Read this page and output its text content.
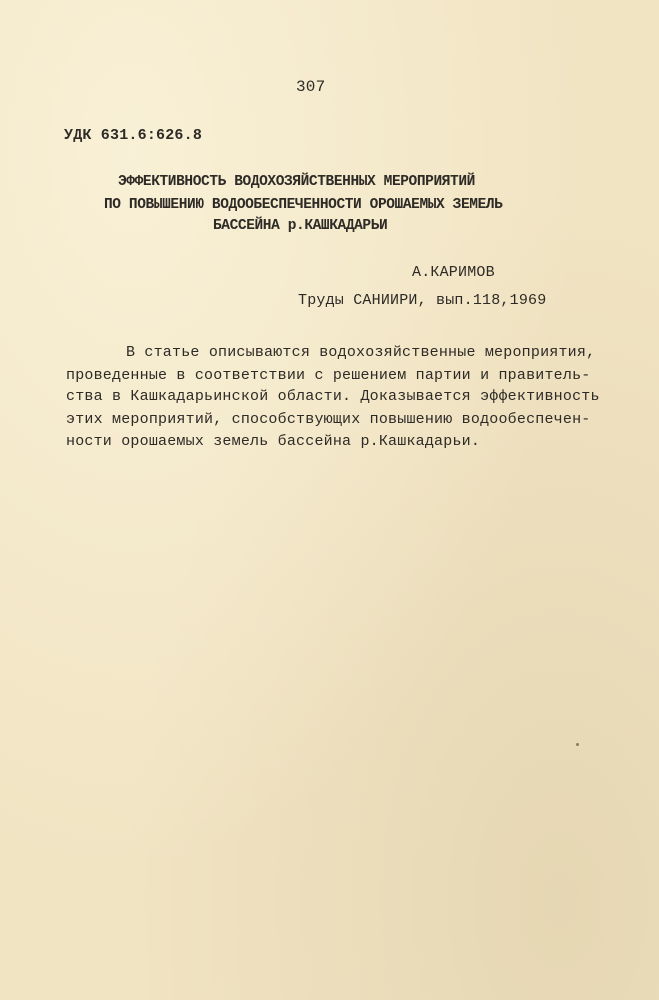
307
УДК 631.6:626.8
ЭФФЕКТИВНОСТЬ ВОДОХОЗЯЙСТВЕННЫХ МЕРОПРИЯТИЙ
ПО ПОВЫШЕНИЮ ВОДООБЕСПЕЧЕННОСТИ ОРОШАЕМЫХ ЗЕМЕЛЬ
БАССЕЙНА р.КАШКАДАРЬИ
А.КАРИМОВ
Труды САНИИРИ, вып.118,1969
В статье описываются водохозяйственные мероприятия,
проведенные в соответствии с решением партии и правитель-
ства в Кашкадарьинской области. Доказывается эффективность
этих мероприятий, способствующих повышению водообеспечен-
ности орошаемых земель бассейна р.Кашкадарьи.
